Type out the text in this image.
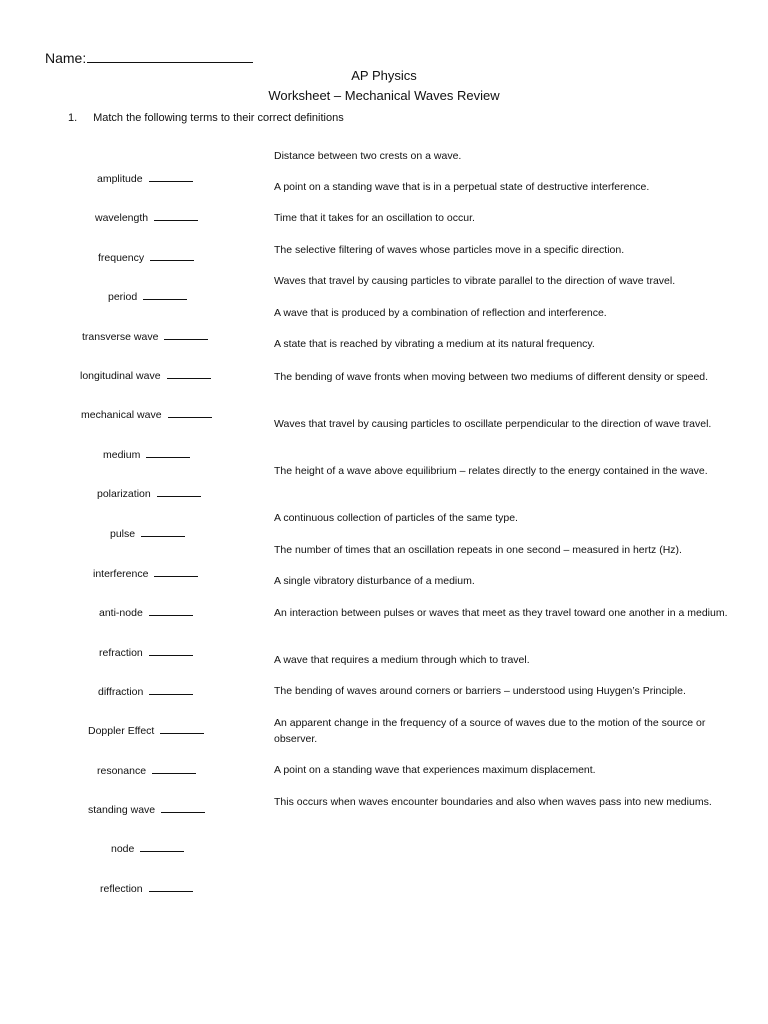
Name:
AP Physics
Worksheet – Mechanical Waves Review
1. Match the following terms to their correct definitions
amplitude
wavelength
frequency
period
transverse wave
longitudinal wave
mechanical wave
medium
polarization
pulse
interference
anti-node
refraction
diffraction
Doppler Effect
resonance
standing wave
node
reflection
Distance between two crests on a wave.
A point on a standing wave that is in a perpetual state of destructive interference.
Time that it takes for an oscillation to occur.
The selective filtering of waves whose particles move in a specific direction.
Waves that travel by causing particles to vibrate parallel to the direction of wave travel.
A wave that is produced by a combination of reflection and interference.
A state that is reached by vibrating a medium at its natural frequency.
The bending of wave fronts when moving between two mediums of different density or speed.
Waves that travel by causing particles to oscillate perpendicular to the direction of wave travel.
The height of a wave above equilibrium – relates directly to the energy contained in the wave.
A continuous collection of particles of the same type.
The number of times that an oscillation repeats in one second – measured in hertz (Hz).
A single vibratory disturbance of a medium.
An interaction between pulses or waves that meet as they travel toward one another in a medium.
A wave that requires a medium through which to travel.
The bending of waves around corners or barriers – understood using Huygen’s Principle.
An apparent change in the frequency of a source of waves due to the motion of the source or observer.
A point on a standing wave that experiences maximum displacement.
This occurs when waves encounter boundaries and also when waves pass into new mediums.
